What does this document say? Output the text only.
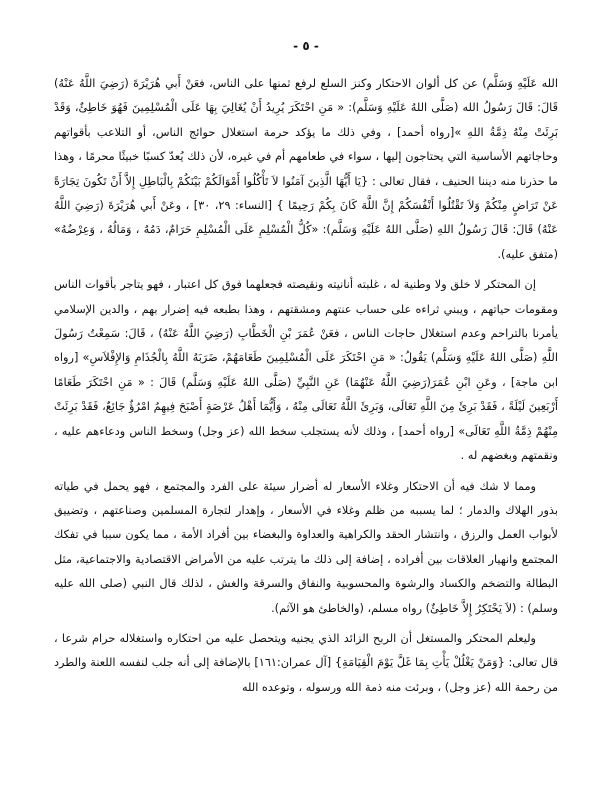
- ٥ -

الله عَلَيْهِ وَسَلَّم) عن كل ألوان الاحتكار وكنز السلع لرفع ثمنها على الناس، فعَنْ أَبي هُرَيْرَةَ (رَضِيَ اللَّهُ عَنْهُ) قَالَ: قَالَ رَسُولُ الله (صَلَّى اللهُ عَلَيْهِ وَسَلَّم): « مَنِ احْتَكَرَ يُرِيدُ أَنْ يُغَالِيَ بِهَا عَلَى الْمُسْلِمِينَ فَهُوَ خَاطِئٌ، وَقَدْ بَرِئَتْ مِنْهُ ذِمَّةُ اللهِ »[رواه أحمد] ، وفي ذلك ما يؤكد حرمة استغلال حوائج الناس، أو التلاعب بأقواتهم وحاجاتهم الأساسية التي يحتاجون إليها ، سواء في طعامهم أم في غيره، لأن ذلك يُعدّ كسبًا خبيثًا محرمًا ، وهذا ما حذرنا منه ديننا الحنيف ، فقال تعالى : {يَا أَيُّهَا الَّذِينَ آمَنُوا لاَ تَأْكُلُوا أَمْوَالَكُمْ بَيْنَكُمْ بِالْبَاطِلِ إِلاَّ أَنْ تَكُونَ تِجَارَةً عَنْ تَرَاضٍ مِنْكُمْ وَلاَ تَقْتُلُوا أَنْفُسَكُمْ إِنَّ اللَّهَ كَانَ بِكُمْ رَحِيمًا } [النساء: ٢٩، ٣٠] ، وعَنْ أَبي هُرَيْرَةَ (رَضِيَ اللَّهُ عَنْهُ) قَالَ: قَالَ رَسُولُ اللهِ (صَلَّى اللهُ عَلَيْهِ وَسَلَّم): «كُلُّ الْمُسْلِمِ عَلَى الْمُسْلِمِ حَرَامٌ، دَمُهُ ، وَمَالُهُ ، وَعِرْضُهُ» (متفق عليه).

إن المحتكر لا خلق ولا وطنية له ، غلبته أنانيته ونقيصته فجعلهما فوق كل اعتبار ، فهو يتاجر بأقوات الناس ومقومات حياتهم ، ويبني ثراءه على حساب عنتهم ومشقتهم ، وهذا بطبعه فيه إضرار بهم ، والدين الإسلامي يأمرنا بالتراحم وعدم استغلال حاجات الناس ، فعَنْ عُمَرَ بْنِ الْخَطَّابِ (رَضِيَ اللَّهُ عَنْهُ) ، قَالَ: سَمِعْتُ رَسُولَ اللَّهِ (صَلَّى اللهُ عَلَيْهِ وَسَلَّم) يَقُولُ: « مَنِ احْتَكَرَ عَلَى الْمُسْلِمِينَ طَعَامَهُمْ، ضَرَبَهُ اللَّهُ بِالْجُذَامِ وَالإِفْلاَسِ» [رواه ابن ماجة] ، وعَنِ ابْنِ عُمَرَ(رَضِيَ اللَّهُ عَنْهُمَا) عَنِ النَّبِيِّ (صَلَّى اللهُ عَلَيْهِ وَسَلَّم) قَالَ : « مَنِ احْتَكَرَ طَعَامًا أَرْبَعِينَ لَيْلَةً ، فَقَدْ بَرِئَ مِنَ اللَّهِ تَعَالَى، وَبَرِئَ اللَّهُ تَعَالَى مِنْهُ ، وَأَيُّمَا أَهْلُ عَرْصَةٍ أَصْبَحَ فِيهِمُ امْرُؤٌ جَائِعٌ، فَقَدْ بَرِئَتْ مِنْهُمْ ذِمَّةُ اللَّهِ تَعَالَى» [رواه أحمد] ، وذلك لأنه يستجلب سخط الله (عز وجل) وسخط الناس ودعاءهم عليه ، ونقمتهم وبغضهم له .

ومما لا شك فيه أن الاحتكار وغلاء الأسعار له أضرار سيئة على الفرد والمجتمع ، فهو يحمل في طياته بذور الهلاك والدمار ؛ لما يسببه من ظلم وغلاء في الأسعار ، وإهدار لتجارة المسلمين وصناعتهم ، وتضييق لأبواب العمل والرزق ، وانتشار الحقد والكراهية والعداوة والبغضاء بين أفراد الأمة ، مما يكون سببا في تفكك المجتمع وانهيار العلاقات بين أفراده ، إضافة إلى ذلك ما يترتب عليه من الأمراض الاقتصادية والاجتماعية، مثل البطالة والتضخم والكساد والرشوة والمحسوبية والنفاق والسرقة والغش ، لذلك قال النبي (صلى الله عليه وسلم) : (لاَ يَحْتَكِرُ إِلاَّ خَاطِئٌ) رواه مسلم، (والخاطئ هو الآثم).

وليعلم المحتكر والمستغل أن الربح الزائد الذي يجنيه ويتحصل عليه من احتكاره واستغلاله حرام شرعا ، قال تعالى: {وَمَنْ يَغْلُلْ يَأْتِ بِمَا غَلَّ يَوْمَ الْقِيَامَةِ} [آل عمران:١٦١] بالإضافة إلى أنه جلب لنفسه اللعنة والطرد من رحمة الله (عز وجل) ، وبرئت منه ذمة الله ورسوله ، وتوعده الله
